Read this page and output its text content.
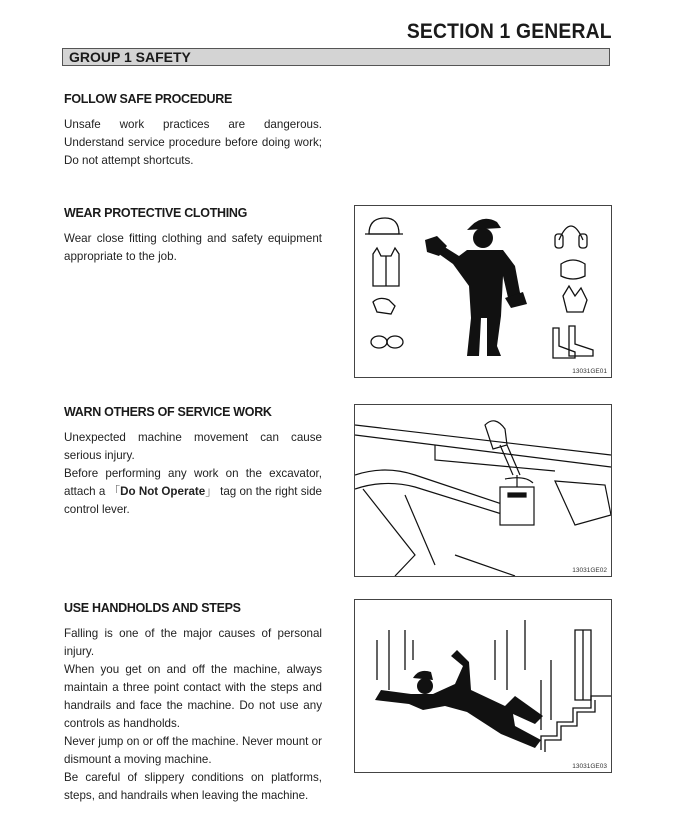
SECTION 1 GENERAL
GROUP 1 SAFETY
FOLLOW SAFE PROCEDURE

Unsafe work practices are dangerous. Understand service procedure before doing work; Do not attempt shortcuts.

WEAR PROTECTIVE CLOTHING

Wear close fitting clothing and safety equipment appropriate to the job.

13031GE01
WARN OTHERS OF SERVICE WORK

Unexpected machine movement can cause serious injury.

Before performing any work on the excavator, attach a 「Do Not Operate」 tag on the right side control lever.

13031GE02
USE HANDHOLDS AND STEPS

Falling is one of the major causes of personal injury.

When you get on and off the machine, always maintain a three point contact with the steps and handrails and face the machine. Do not use any controls as handholds.

Never jump on or off the machine. Never mount or dismount a moving machine.

Be careful of slippery conditions on platforms, steps, and handrails when leaving the machine.

13031GE03
